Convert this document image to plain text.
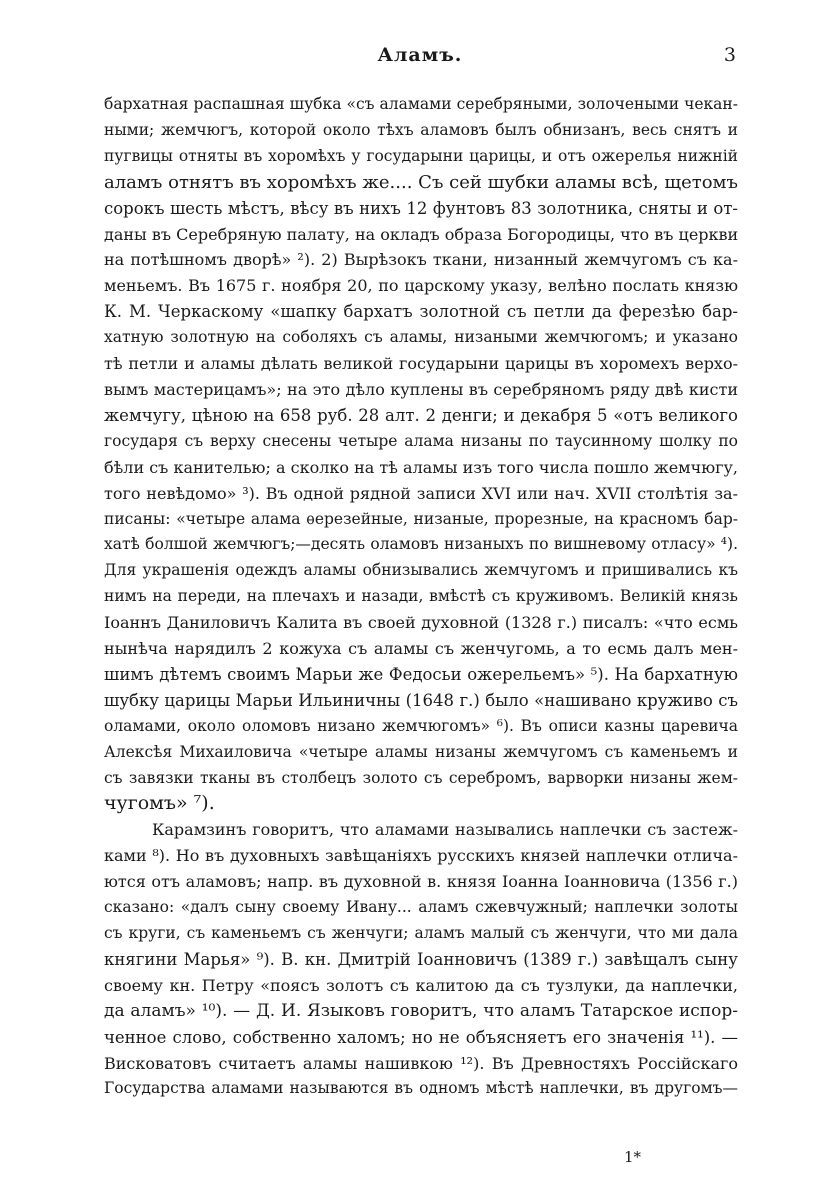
Аламъ.	3
бархатная распашная шубка «съ аламами серебряными, золочеными чекан-
ными; жемчюгъ, которой около тѣхъ аламовъ былъ обнизанъ, весь снятъ и
пугвицы отняты въ хоромѣхъ у государыни царицы, и отъ ожерелья нижній
аламъ отнятъ въ хоромѣхъ же.... Съ сей шубки аламы всѣ, щетомъ
сорокъ шесть мѣстъ, вѣсу въ нихъ 12 фунтовъ 83 золотника, сняты и от-
даны въ Серебряную палату, на окладъ образа Богородицы, что въ церкви
на потѣшномъ дворѣ» ²). 2) Вырѣзокъ ткани, низанный жемчугомъ съ ка-
меньемъ. Въ 1675 г. ноября 20, по царскому указу, велѣно послать князю
К. М. Черкаскому «шапку бархатъ золотной съ петли да ферезѣю бар-
хатную золотную на соболяхъ съ аламы, низаными жемчюгомъ; и указано
тѣ петли и аламы дѣлать великой государыни царицы въ хоромехъ верхо-
вымъ мастерицамъ»; на это дѣло куплены въ серебряномъ ряду двѣ кисти
жемчугу, цѣною на 658 руб. 28 алт. 2 денги; и декабря 5 «отъ великого
государя съ верху снесены четыре алама низаны по таусинному шолку по
бѣли съ канителью; а сколко на тѣ аламы изъ того числа пошло жемчюгу,
того невѣдомо» ³). Въ одной рядной записи XVI или нач. XVII столѣтія за-
писаны: «четыре алама ѳерезейные, низаные, прорезные, на красномъ бар-
хатѣ болшой жемчюгъ;—десять оламовъ низаныхъ по вишневому отласу» ⁴).
Для украшенія одеждъ аламы обнизывались жемчугомъ и пришивались къ
нимъ на переди, на плечахъ и назади, вмѣстѣ съ круживомъ. Великій князь
Іоаннъ Даниловичъ Калита въ своей духовной (1328 г.) писалъ: «что есмь
нынѣча нарядилъ 2 кожуха съ аламы съ женчугомь, а то есмь далъ мен-
шимъ дѣтемъ своимъ Марьи же Федосьи ожерельемъ» ⁵). На бархатную
шубку царицы Марьи Ильиничны (1648 г.) было «нашивано круживо съ
оламами, около оломовъ низано жемчюгомъ» ⁶). Въ описи казны царевича
Алексѣя Михаиловича «четыре аламы низаны жемчугомъ съ каменьемъ и
съ завязки тканы въ столбецъ золото съ серебромъ, варворки низаны жем-
чугомъ» ⁷).
Карамзинъ говоритъ, что аламами назывались наплечки съ застеж-
ками ⁸). Но въ духовныхъ завѣщаніяхъ русскихъ князей наплечки отлича-
ются отъ аламовъ; напр. въ духовной в. князя Іоанна Іоанновича (1356 г.)
сказано: «далъ сыну своему Ивану... аламъ сжевчужный; наплечки золоты
съ круги, съ каменьемъ съ женчуги; аламъ малый съ женчуги, что ми дала
княгини Марья» ⁹). В. кн. Дмитрій Іоанновичъ (1389 г.) завѣщалъ сыну
своему кн. Петру «поясъ золотъ съ калитою да съ тузлуки, да наплечки,
да аламъ» ¹⁰). — Д. И. Языковъ говоритъ, что аламъ Татарское испор-
ченное слово, собственно халомъ; но не объясняетъ его значенія ¹¹). —
Висковатовъ считаетъ аламы нашивкою ¹²). Въ Древностяхъ Россійскаго
Государства аламами называются въ одномъ мѣстѣ наплечки, въ другомъ—
1*
